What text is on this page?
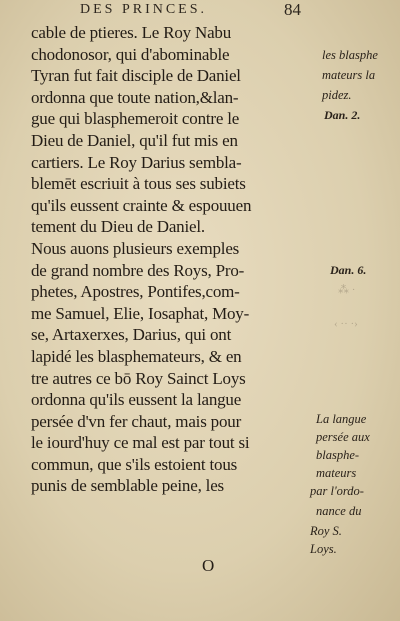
DES PRINCES.	84
cable de ptieres. Le Roy Nabu
chodonosor, qui d'abominable
Tyran fut fait disciple de Daniel
ordonna que toute nation,&lan-
gue qui blasphemeroit contre le
Dieu de Daniel, qu'il fut mis en
cartiers. Le Roy Darius sembla-
blemēt escriuit à tous ses subiets
qu'ils eussent crainte & espouuen
tement du Dieu de Daniel.
Nous auons plusieurs exemples
de grand nombre des Roys, Pro-
phetes, Apostres, Pontifes,com-
me Samuel, Elie, Iosaphat, Moy-
se, Artaxerxes, Darius, qui ont
lapidé les blasphemateurs, & en
tre autres ce bō Roy Sainct Loys
ordonna qu'ils eussent la langue
persée d'vn fer chaut, mais pour
le iourd'huy ce mal est par tout si
commun, que s'ils estoient tous
punis de semblable peine, les
les blasphe
mateurs la
pidez.
Dan. 2.
Dan. 6.
⁂ ·
‹ ·· ·›
La langue
persée aux
blasphe-
mateurs
par l'ordo-
nance du
Roy S.
Loys.
O
